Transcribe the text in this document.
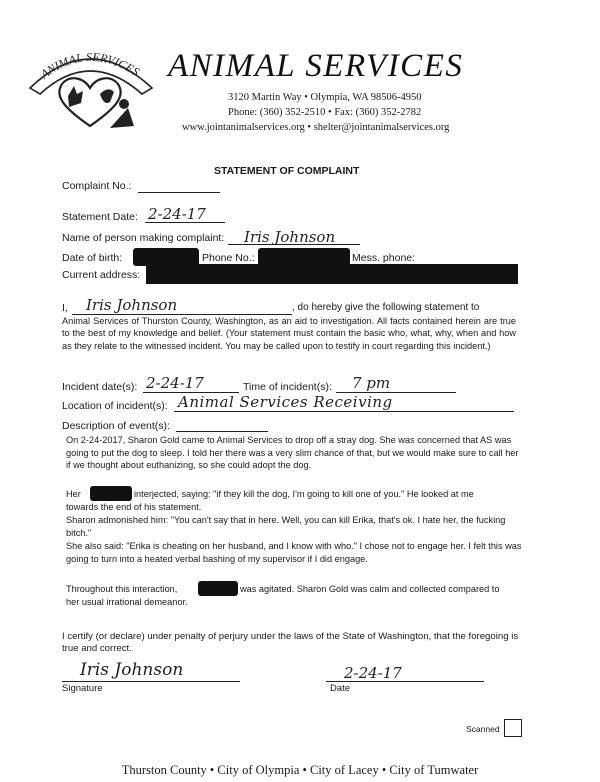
ANIMAL SERVICES ANIMAL SERVICES
3120 Martin Way • Olympia, WA 98506-4950
Phone: (360) 352-2510 • Fax: (360) 352-2782
www.jointanimalservices.org • shelter@jointanimalservices.org
STATEMENT OF COMPLAINT
Complaint No.:
Statement Date: 2-24-17
Name of person making complaint: Iris Johnson
Date of birth:	Phone No.:	Mess. phone:
Current address:
I, Iris Johnson	, do hereby give the following statement to
Animal Services of Thurston County, Washington, as an aid to investigation. All facts contained herein are true to the best of my knowledge and belief. (Your statement must contain the basic who, what, why, when and how as they relate to the witnessed incident. You may be called upon to testify in court regarding this incident.)
Incident date(s): 2-24-17	Time of incident(s): 7 pm
Location of incident(s): Animal Services Receiving
Description of event(s):
On 2-24-2017, Sharon Gold came to Animal Services to drop off a stray dog. She was concerned that AS was going to put the dog to sleep. I told her there was a very slim chance of that, but we would make sure to call her if we thought about euthanizing, so she could adopt the dog.
Her	interjected, saying: "if they kill the dog, I'm going to kill one of you." He looked at me
towards the end of his statement.
Sharon admonished him: "You can't say that in here. Well, you can kill Erika, that's ok. I hate her, the fucking bitch."
She also said: "Erika is cheating on her husband, and I know with who." I chose not to engage her. I felt this was going to turn into a heated verbal bashing of my supervisor if I did engage.
Throughout this interaction,	was agitated. Sharon Gold was calm and collected compared to
her usual irrational demeanor.
I certify (or declare) under penalty of perjury under the laws of the State of Washington, that the foregoing is true and correct.
Iris Johnson
Signature
2-24-17
Date
Scanned
Thurston County • City of Olympia • City of Lacey • City of Tumwater
